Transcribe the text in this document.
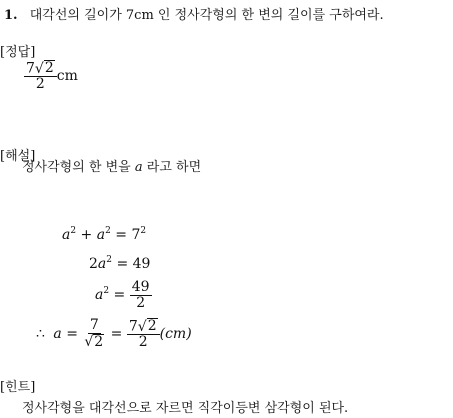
1. 대각선의 길이가 7cm 인 정사각형의 한 변의 길이를 구하여라.
[정답]
$\frac{7 √ 2}{2}$ cm
[해설]
정사각형의 한 변을 a 라고 하면
$a^2 + a^2 = 7^2$
$2a^2 = 49$
$a^2 = \frac{49}{2}$
∴ $a = \frac{7}{√ 2} = \frac{7 √ 2}{2} (cm)$
[힌트]
정사각형을 대각선으로 자르면 직각이등변 삼각형이 된다.
